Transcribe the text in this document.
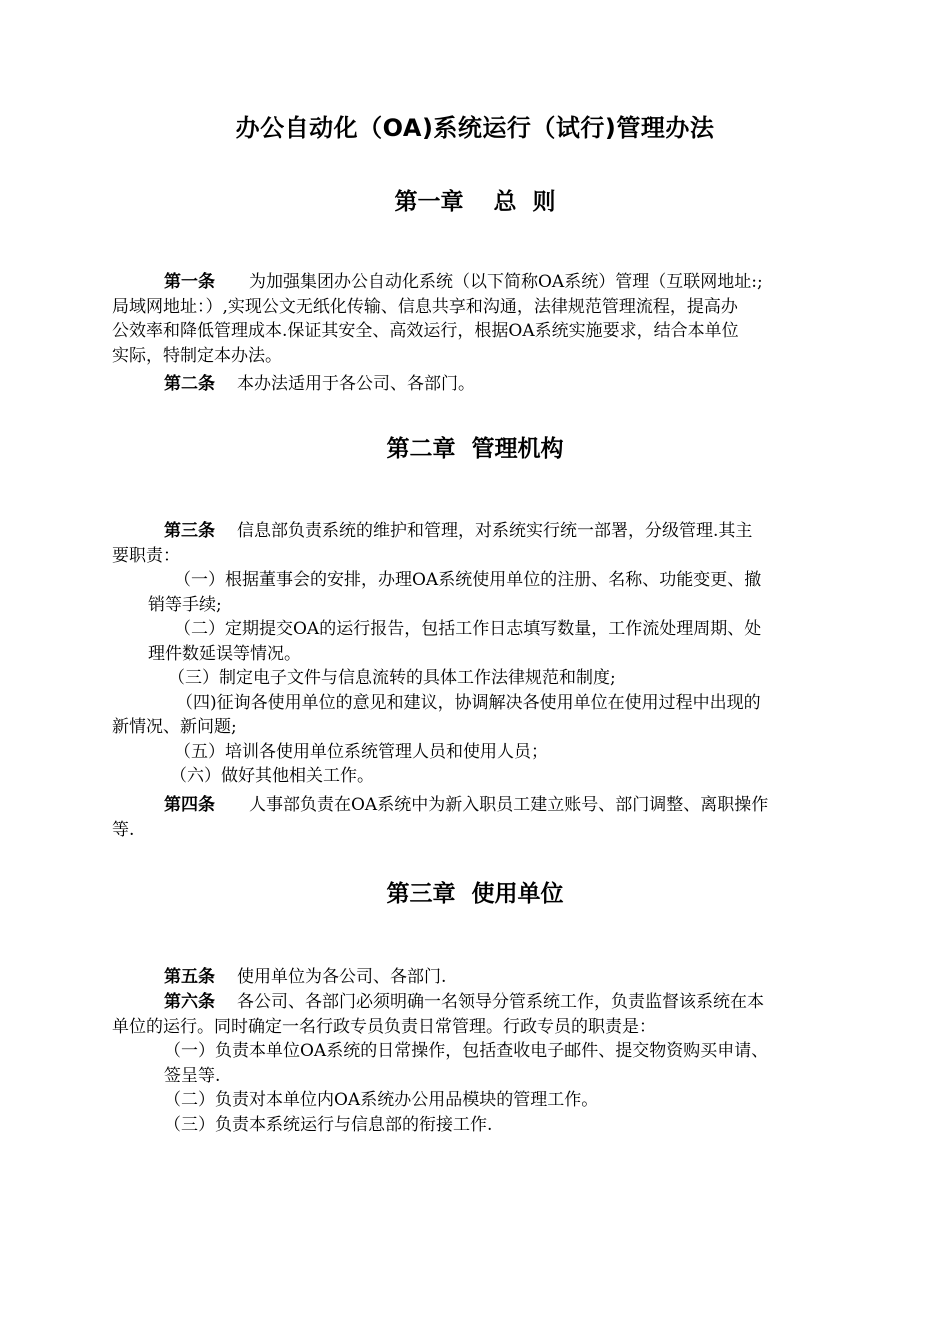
办公自动化（OA)系统运行（试行)管理办法
第一章 总  则
第一条 为加强集团办公自动化系统（以下简称OA系统）管理（互联网地址:;
局域网地址：）,实现公文无纸化传输、信息共享和沟通，法律规范管理流程，提高办
公效率和降低管理成本.保证其安全、高效运行，根据OA系统实施要求，结合本单位
实际，特制定本办法。
第二条 本办法适用于各公司、各部门。
第二章 管理机构
第三条 信息部负责系统的维护和管理，对系统实行统一部署，分级管理.其主
要职责：
（一）根据董事会的安排，办理OA系统使用单位的注册、名称、功能变更、撤
销等手续;
（二）定期提交OA的运行报告，包括工作日志填写数量，工作流处理周期、处
理件数延误等情况。
（三）制定电子文件与信息流转的具体工作法律规范和制度;
（四)征询各使用单位的意见和建议，协调解决各使用单位在使用过程中出现的
新情况、新问题;
（五）培训各使用单位系统管理人员和使用人员；
（六）做好其他相关工作。
第四条 人事部负责在OA系统中为新入职员工建立账号、部门调整、离职操作
等.
第三章 使用单位
第五条 使用单位为各公司、各部门.
第六条 各公司、各部门必须明确一名领导分管系统工作，负责监督该系统在本
单位的运行。同时确定一名行政专员负责日常管理。行政专员的职责是：
（一）负责本单位OA系统的日常操作，包括查收电子邮件、提交物资购买申请、
签呈等.
（二）负责对本单位内OA系统办公用品模块的管理工作。
（三）负责本系统运行与信息部的衔接工作.
